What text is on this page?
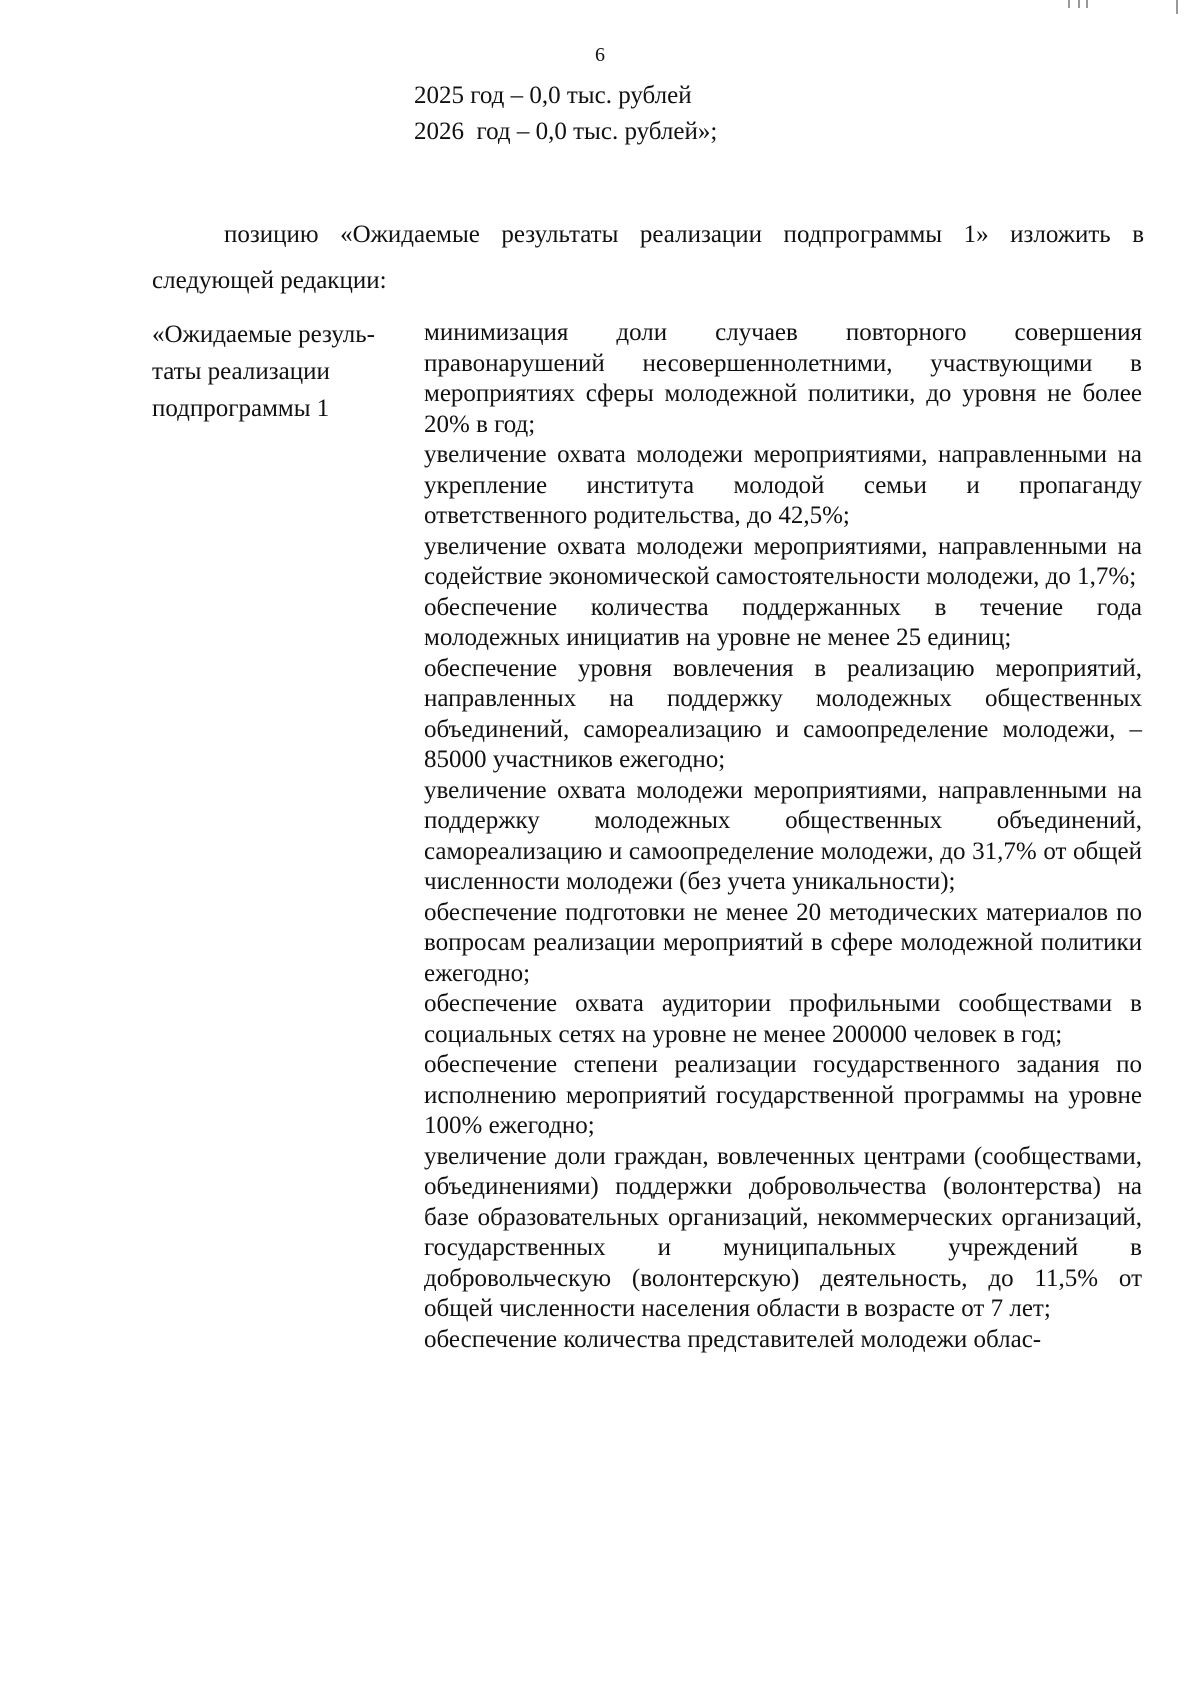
6
2025 год – 0,0 тыс. рублей
2026  год – 0,0 тыс. рублей»;
позицию «Ожидаемые результаты реализации подпрограммы 1» изложить в следующей редакции:
«Ожидаемые резуль-
таты реализации
подпрограммы 1

минимизация доли случаев повторного совершения правонарушений несовершеннолетними, участвующими в мероприятиях сферы молодежной политики, до уровня не более 20% в год;

увеличение охвата молодежи мероприятиями, направленными на укрепление института молодой семьи и пропаганду ответственного родительства, до 42,5%;

увеличение охвата молодежи мероприятиями, направленными на содействие экономической самостоятельности молодежи, до 1,7%;

обеспечение количества поддержанных в течение года молодежных инициатив на уровне не менее 25 единиц;

обеспечение уровня вовлечения в реализацию мероприятий, направленных на поддержку молодежных общественных объединений, самореализацию и самоопределение молодежи, – 85000 участников ежегодно;

увеличение охвата молодежи мероприятиями, направленными на поддержку молодежных общественных объединений, самореализацию и самоопределение молодежи, до 31,7% от общей численности молодежи (без учета уникальности);

обеспечение подготовки не менее 20 методических материалов по вопросам реализации мероприятий в сфере молодежной политики ежегодно;

обеспечение охвата аудитории профильными сообществами в социальных сетях на уровне не менее 200000 человек в год;

обеспечение степени реализации государственного задания по исполнению мероприятий государственной программы на уровне 100% ежегодно;

увеличение доли граждан, вовлеченных центрами (сообществами, объединениями) поддержки добровольчества (волонтерства) на базе образовательных организаций, некоммерческих организаций, государственных и муниципальных учреждений в добровольческую (волонтерскую) деятельность, до 11,5% от общей численности населения области в возрасте от 7 лет;

обеспечение количества представителей молодежи облас-
